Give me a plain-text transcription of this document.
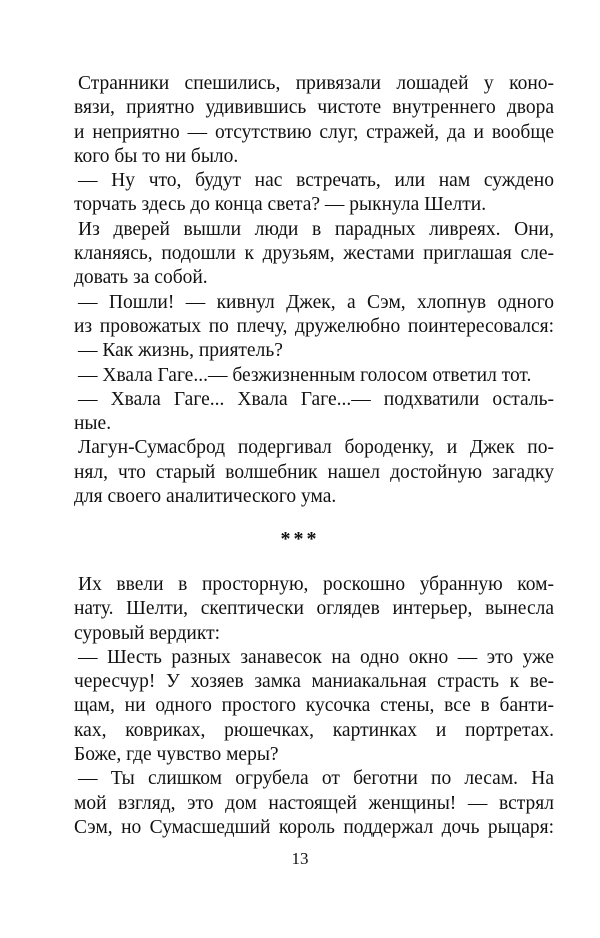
Странники спешились, привязали лошадей у коно-
вязи, приятно удивившись чистоте внутреннего двора
и неприятно — отсутствию слуг, стражей, да и вообще
кого бы то ни было.
— Ну что, будут нас встречать, или нам суждено
торчать здесь до конца света? — рыкнула Шелти.
Из дверей вышли люди в парадных ливреях. Они,
кланяясь, подошли к друзьям, жестами приглашая сле-
довать за собой.
— Пошли! — кивнул Джек, а Сэм, хлопнув одного
из провожатых по плечу, дружелюбно поинтересовался:
— Как жизнь, приятель?
— Хвала Гаге...— безжизненным голосом ответил тот.
— Хвала Гаге... Хвала Гаге...— подхватили осталь-
ные.
Лагун-Сумасброд подергивал бороденку, и Джек по-
нял, что старый волшебник нашел достойную загадку
для своего аналитического ума.
***
Их ввели в просторную, роскошно убранную ком-
нату. Шелти, скептически оглядев интерьер, вынесла
суровый вердикт:
— Шесть разных занавесок на одно окно — это уже
чересчур! У хозяев замка маниакальная страсть к ве-
щам, ни одного простого кусочка стены, все в банти-
ках, ковриках, рюшечках, картинках и портретах.
Боже, где чувство меры?
— Ты слишком огрубела от беготни по лесам. На
мой взгляд, это дом настоящей женщины! — встрял
Сэм, но Сумасшедший король поддержал дочь рыцаря:
13
